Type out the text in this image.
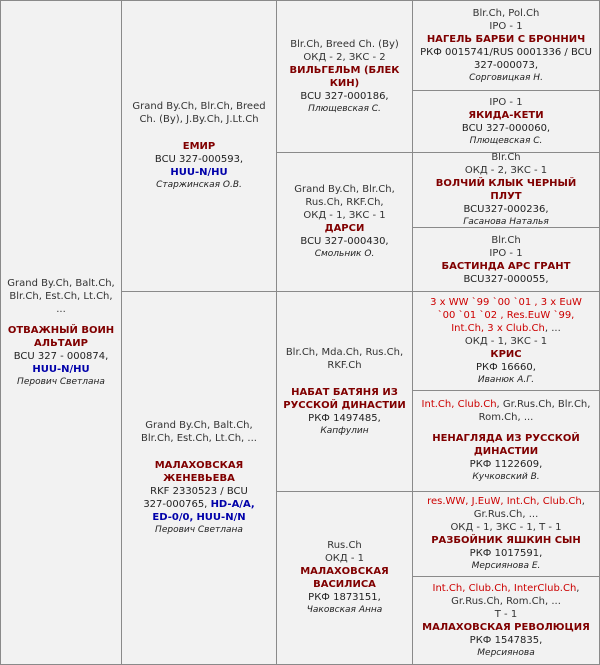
Grand By.Ch, Balt.Ch,
Blr.Ch, Est.Ch, Lt.Ch,
...
ОТВАЖНЫЙ ВОИН
АЛЬТАИР
BCU 327 - 000874,
HUU-N/HU
Перович Светлана
Grand By.Ch, Blr.Ch, Breed
Ch. (By), J.By.Ch, J.Lt.Ch
ЕМИР
BCU 327-000593,
HUU-N/HU
Старжинская О.В.
Grand By.Ch, Balt.Ch,
Blr.Ch, Est.Ch, Lt.Ch, ...
МАЛАХОВСКАЯ
ЖЕНЕВЬЕВА
RKF 2330523 / BCU
327-000765, HD-A/A,
ED-0/0, HUU-N/N
Перович Светлана
Blr.Ch, Breed Ch. (By)
ОКД - 2, ЗКС - 2
ВИЛЬГЕЛЬМ (БЛЕК
КИН)
BCU 327-000186,
Плющевская С.
Grand By.Ch, Blr.Ch,
Rus.Ch, RKF.Ch,
ОКД - 1, ЗКС - 1
ДАРСИ
BCU 327-000430,
Смольник О.
Blr.Ch, Mda.Ch, Rus.Ch,
RKF.Ch
НАБАТ БАТЯНЯ ИЗ
РУССКОЙ ДИНАСТИИ
РКФ 1497485,
Капфулин
Rus.Ch
ОКД - 1
МАЛАХОВСКАЯ
ВАСИЛИСА
РКФ 1873151,
Чаковская Анна
Blr.Ch, Pol.Ch
IPO - 1
НАГЕЛЬ БАРБИ С БРОННИЧ
РКФ 0015741/RUS 0001336 / BCU
327-000073,
Сорговицкая Н.
IPO - 1
ЯКИДА-КЕТИ
BCU 327-000060,
Плющевская С.
Blr.Ch
ОКД - 2, ЗКС - 1
ВОЛЧИЙ КЛЫК ЧЕРНЫЙ ПЛУТ
BCU327-000236,
Гасанова Наталья
Blr.Ch
IPO - 1
БАСТИНДА АРС ГРАНТ
BCU327-000055,
3 x WW `99 `00 `01 , 3 x EuW
`00 `01 `02 , Res.EuW `99,
Int.Ch, 3 x Club.Ch, ...
ОКД - 1, ЗКС - 1
КРИС
РКФ 16660,
Иванюк А.Г.
Int.Ch, Club.Ch, Gr.Rus.Ch, Blr.Ch,
Rom.Ch, ...
НЕНАГЛЯДА ИЗ РУССКОЙ
ДИНАСТИИ
РКФ 1122609,
Кучковский В.
res.WW, J.EuW, Int.Ch, Club.Ch,
Gr.Rus.Ch, ...
ОКД - 1, ЗКС - 1, Т - 1
РАЗБОЙНИК ЯШКИН СЫН
РКФ 1017591,
Мерсиянова Е.
Int.Ch, Club.Ch, InterClub.Ch,
Gr.Rus.Ch, Rom.Ch, ...
Т - 1
МАЛАХОВСКАЯ РЕВОЛЮЦИЯ
РКФ 1547835,
Мерсиянова
